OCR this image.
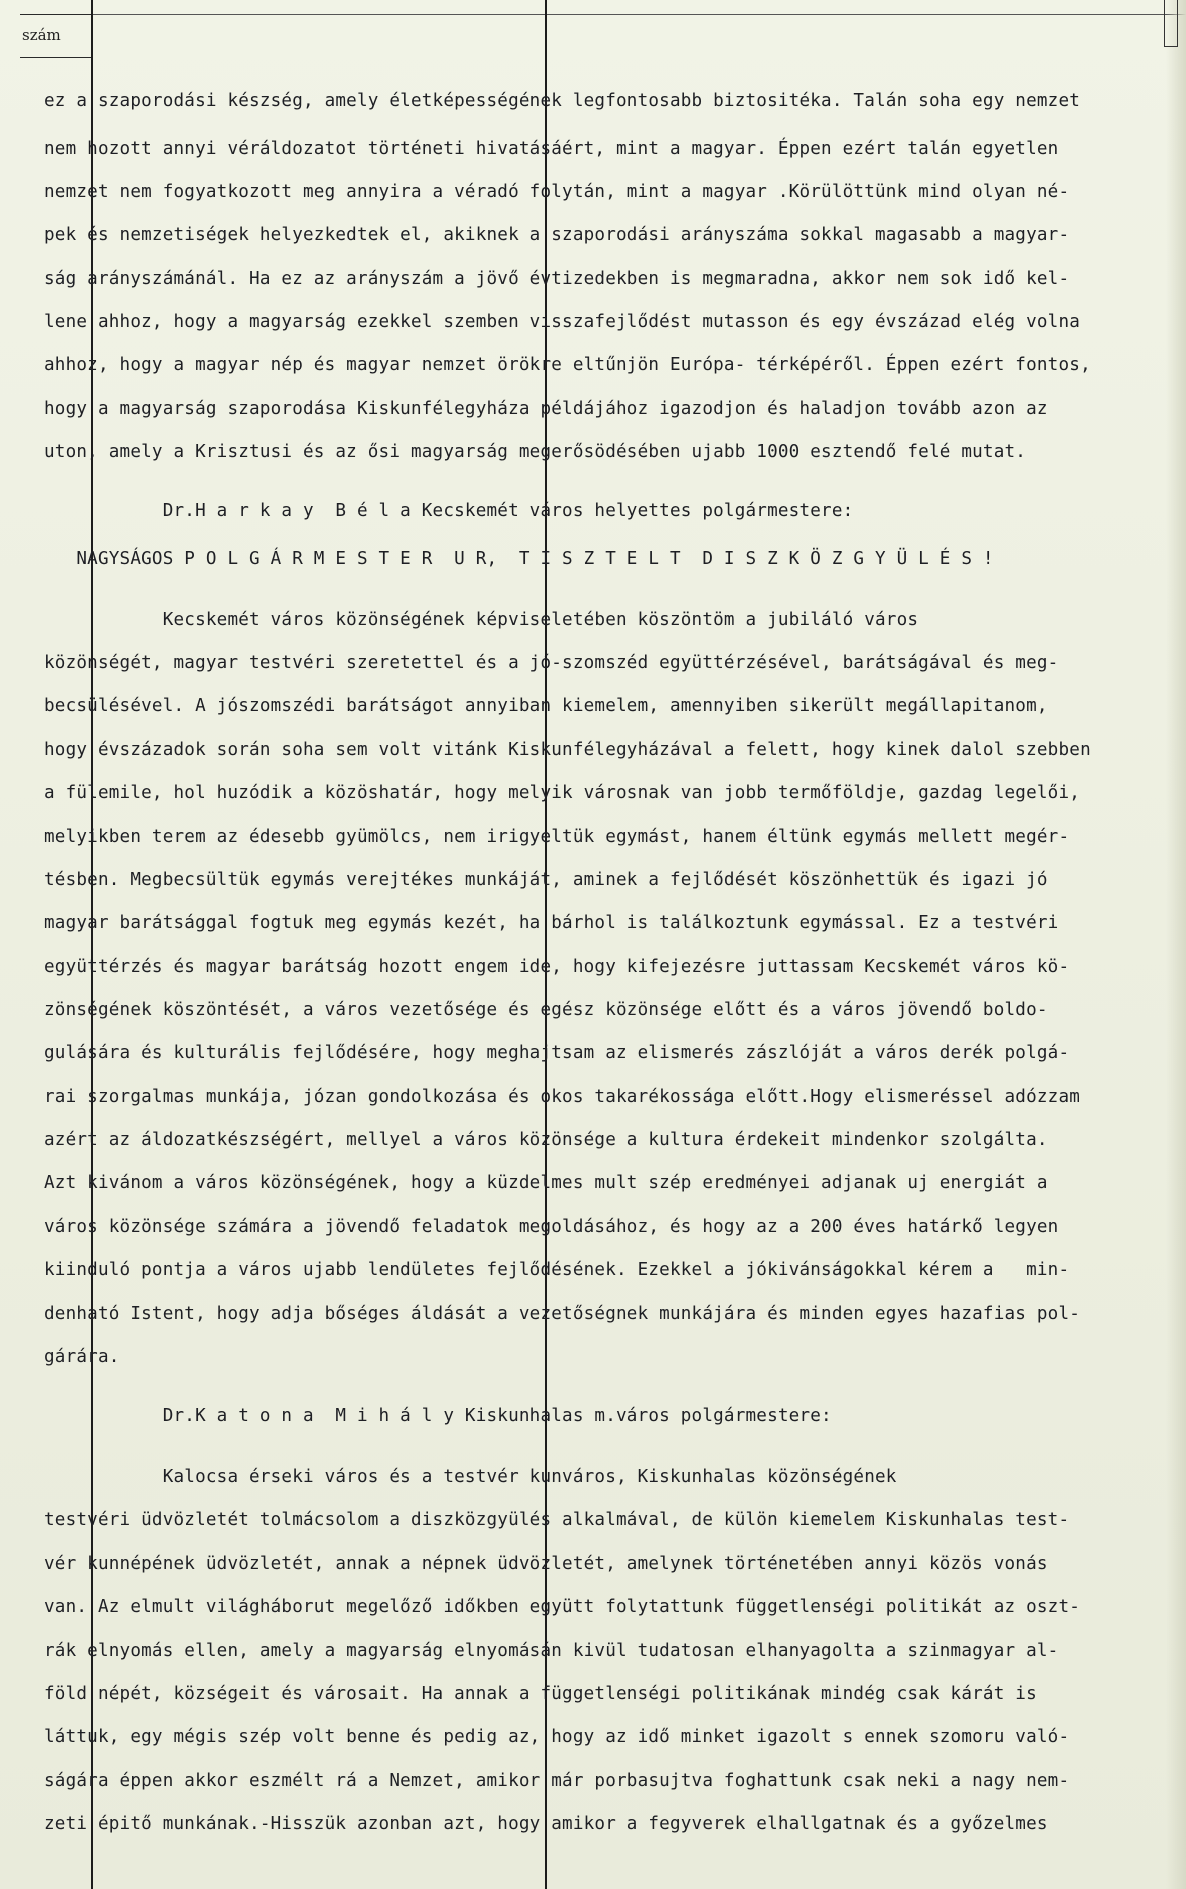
szám
ez a szaporodási készség, amely életképességének legfontosabb biztositéka. Talán soha egy nemzet
nem hozott annyi véráldozatot történeti hivatásáért, mint a magyar. Éppen ezért talán egyetlen
nemzet nem fogyatkozott meg annyira a véradó folytán, mint a magyar .Körülöttünk mind olyan né-
pek és nemzetiségek helyezkedtek el, akiknek a szaporodási arányszáma sokkal magasabb a magyar-
ság arányszámánál. Ha ez az arányszám a jövő évtizedekben is megmaradna, akkor nem sok idő kel-
lene ahhoz, hogy a magyarság ezekkel szemben visszafejlődést mutasson és egy évszázad elég volna
ahhoz, hogy a magyar nép és magyar nemzet örökre eltűnjön Európa- térképéről. Éppen ezért fontos,
hogy a magyarság szaporodása Kiskunfélegyháza példájához igazodjon és haladjon tovább azon az
uton, amely a Krisztusi és az ősi magyarság megerősödésében ujabb 1000 esztendő felé mutat.
Dr.H a r k a y  B é l a Kecskemét város helyettes polgármestere:
NAGYSÁGOS P O L G Á R M E S T E R  U R,  T I S Z T E L T  D I S Z K Ö Z G Y Ü L É S !
Kecskemét város közönségének képviseletében köszöntöm a jubiláló város
közönségét, magyar testvéri szeretettel és a jó-szomszéd együttérzésével, barátságával és meg-
becsülésével. A jószomszédi barátságot annyiban kiemelem, amennyiben sikerült megállapitanom,
hogy évszázadok során soha sem volt vitánk Kiskunfélegyházával a felett, hogy kinek dalol szebben
a fülemile, hol huzódik a közöshatár, hogy melyik városnak van jobb termőföldje, gazdag legelői,
melyikben terem az édesebb gyümölcs, nem irigyeltük egymást, hanem éltünk egymás mellett megér-
tésben. Megbecsültük egymás verejtékes munkáját, aminek a fejlődését köszönhettük és igazi jó
magyar barátsággal fogtuk meg egymás kezét, ha bárhol is találkoztunk egymással. Ez a testvéri
együttérzés és magyar barátság hozott engem ide, hogy kifejezésre juttassam Kecskemét város kö-
zönségének köszöntését, a város vezetősége és egész közönsége előtt és a város jövendő boldo-
gulására és kulturális fejlődésére, hogy meghajtsam az elismerés zászlóját a város derék polgá-
rai szorgalmas munkája, józan gondolkozása és okos takarékossága előtt.Hogy elismeréssel adózzam
azért az áldozatkészségért, mellyel a város közönsége a kultura érdekeit mindenkor szolgálta.
Azt kivánom a város közönségének, hogy a küzdelmes mult szép eredményei adjanak uj energiát a
város közönsége számára a jövendő feladatok megoldásához, és hogy az a 200 éves határkő legyen
kiinduló pontja a város ujabb lendületes fejlődésének. Ezekkel a jókivánságokkal kérem a   min-
denható Istent, hogy adja bőséges áldását a vezetőségnek munkájára és minden egyes hazafias pol-
gárára.
Dr.K a t o n a  M i h á l y Kiskunhalas m.város polgármestere:
Kalocsa érseki város és a testvér kunváros, Kiskunhalas közönségének
testvéri üdvözletét tolmácsolom a diszközgyülés alkalmával, de külön kiemelem Kiskunhalas test-
vér kunnépének üdvözletét, annak a népnek üdvözletét, amelynek történetében annyi közös vonás
van. Az elmult világháborut megelőző időkben együtt folytattunk függetlenségi politikát az oszt-
rák elnyomás ellen, amely a magyarság elnyomásán kivül tudatosan elhanyagolta a szinmagyar al-
föld népét, községeit és városait. Ha annak a függetlenségi politikának mindég csak kárát is
láttuk, egy mégis szép volt benne és pedig az, hogy az idő minket igazolt s ennek szomoru való-
ságára éppen akkor eszmélt rá a Nemzet, amikor már porbasujtva foghattunk csak neki a nagy nem-
zeti épitő munkának.-Hisszük azonban azt, hogy amikor a fegyverek elhallgatnak és a győzelmes
